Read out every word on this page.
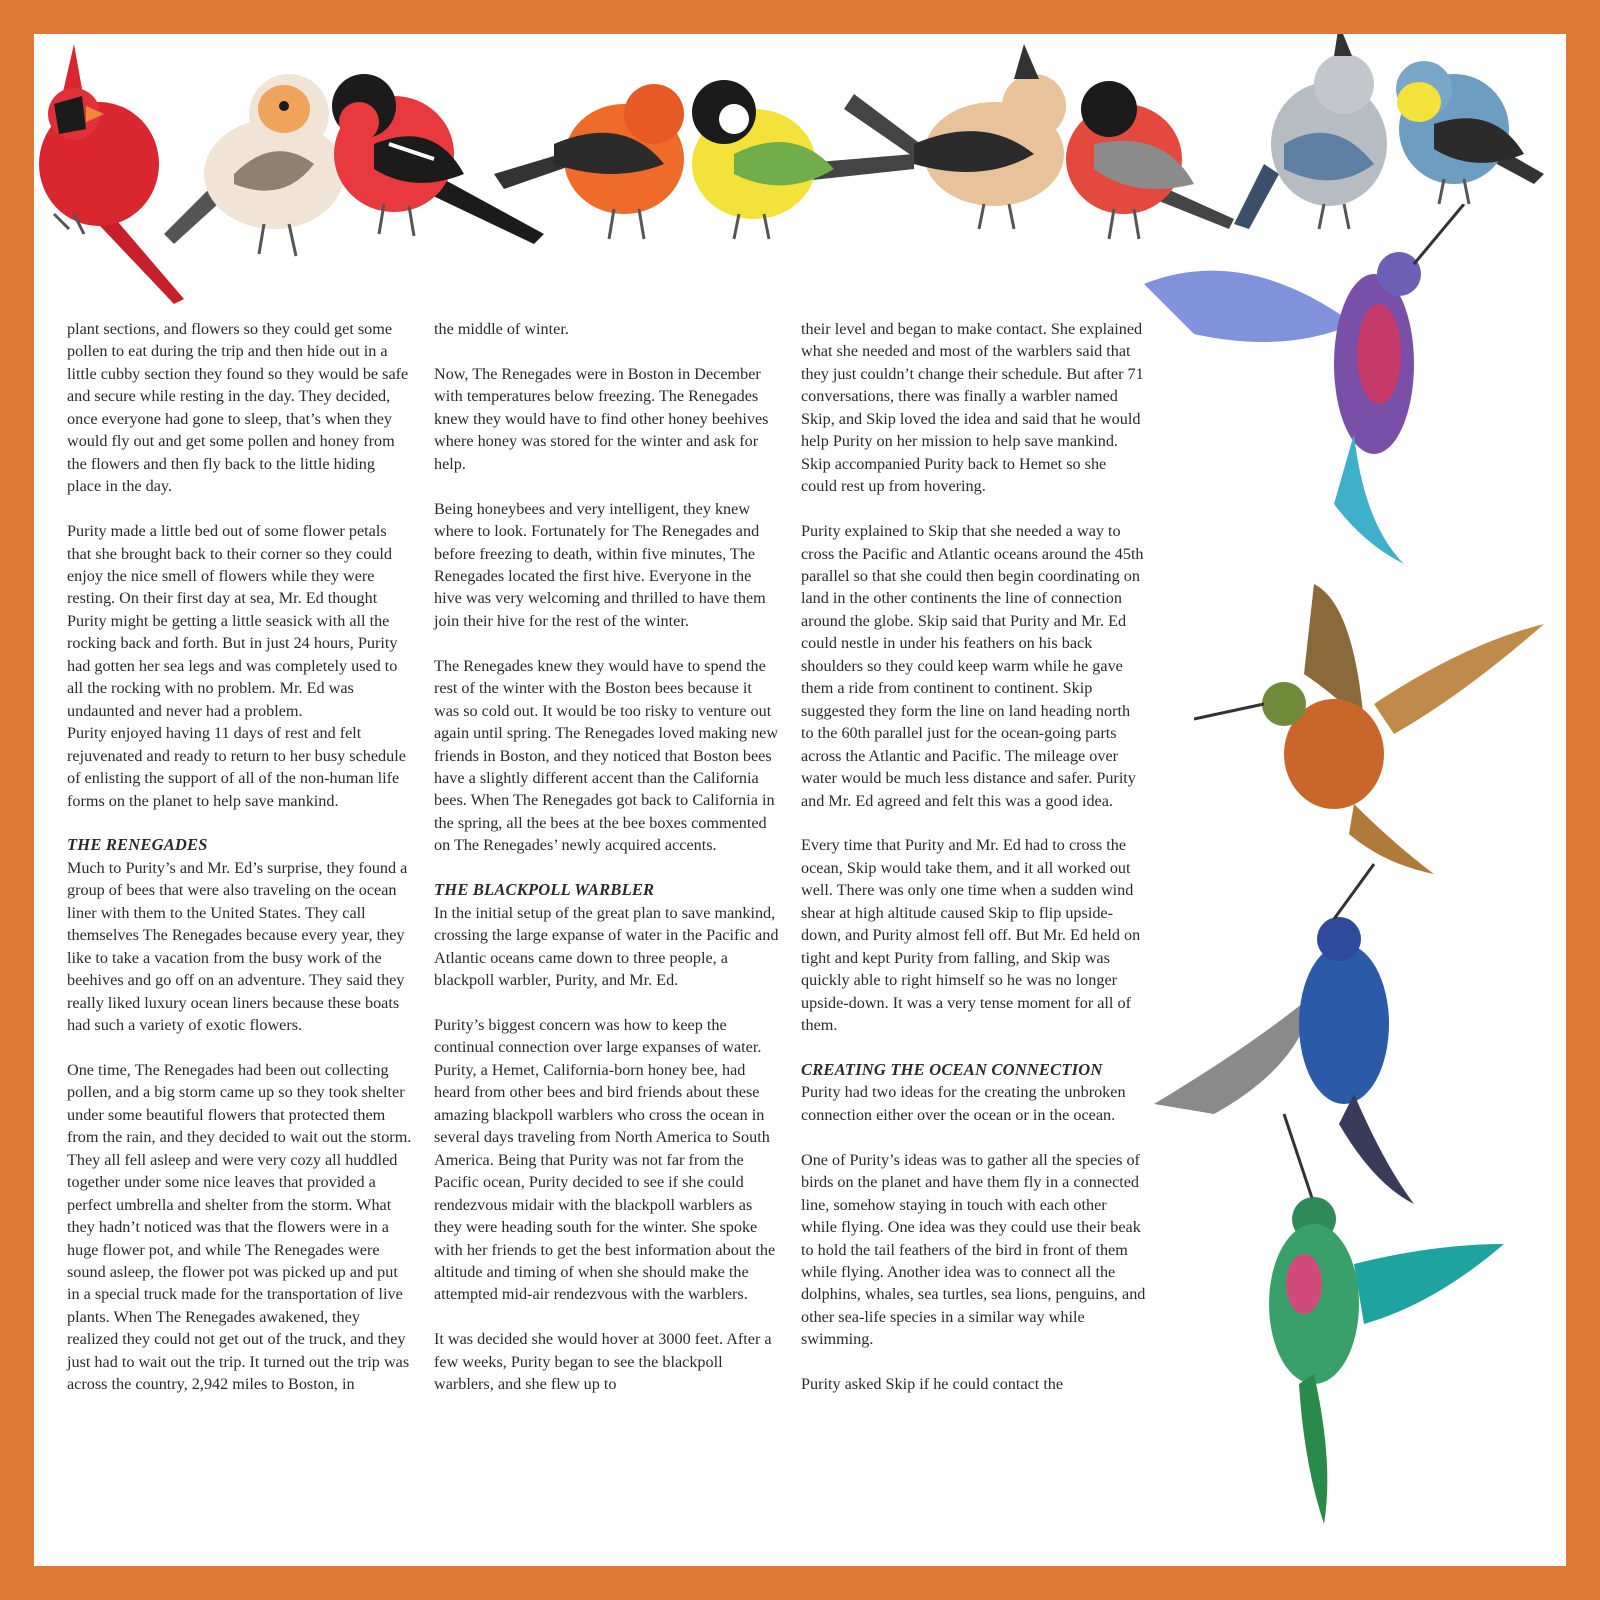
plant sections, and flowers so they could get some pollen to eat during the trip and then hide out in a little cubby section they found so they would be safe and secure while resting in the day. They decided, once everyone had gone to sleep, that’s when they would fly out and get some pollen and honey from the flowers and then fly back to the little hiding place in the day.

Purity made a little bed out of some flower petals that she brought back to their corner so they could enjoy the nice smell of flowers while they were resting. On their first day at sea, Mr. Ed thought Purity might be getting a little seasick with all the rocking back and forth. But in just 24 hours, Purity had gotten her sea legs and was completely used to all the rocking with no problem. Mr. Ed was undaunted and never had a problem.

Purity enjoyed having 11 days of rest and felt rejuvenated and ready to return to her busy schedule of enlisting the support of all of the non-human life forms on the planet to help save mankind.

THE RENEGADES

Much to Purity’s and Mr. Ed’s surprise, they found a group of bees that were also traveling on the ocean liner with them to the United States. They call themselves The Renegades because every year, they like to take a vacation from the busy work of the beehives and go off on an adventure. They said they really liked luxury ocean liners because these boats had such a variety of exotic flowers.

One time, The Renegades had been out collecting pollen, and a big storm came up so they took shelter under some beautiful flowers that protected them from the rain, and they decided to wait out the storm. They all fell asleep and were very cozy all huddled together under some nice leaves that provided a perfect umbrella and shelter from the storm. What they hadn’t noticed was that the flowers were in a huge flower pot, and while The Renegades were sound asleep, the flower pot was picked up and put in a special truck made for the transportation of live plants. When The Renegades awakened, they realized they could not get out of the truck, and they just had to wait out the trip. It turned out the trip was across the country, 2,942 miles to Boston, in

the middle of winter.

Now, The Renegades were in Boston in December with temperatures below freezing. The Renegades knew they would have to find other honey beehives where honey was stored for the winter and ask for help.

Being honeybees and very intelligent, they knew where to look. Fortunately for The Renegades and before freezing to death, within five minutes, The Renegades located the first hive. Everyone in the hive was very welcoming and thrilled to have them join their hive for the rest of the winter.

The Renegades knew they would have to spend the rest of the winter with the Boston bees because it was so cold out. It would be too risky to venture out again until spring. The Renegades loved making new friends in Boston, and they noticed that Boston bees have a slightly different accent than the California bees. When The Renegades got back to California in the spring, all the bees at the bee boxes commented on The Renegades’ newly acquired accents.

THE BLACKPOLL WARBLER

In the initial setup of the great plan to save mankind, crossing the large expanse of water in the Pacific and Atlantic oceans came down to three people, a blackpoll warbler, Purity, and Mr. Ed.

Purity’s biggest concern was how to keep the continual connection over large expanses of water. Purity, a Hemet, California-born honey bee, had heard from other bees and bird friends about these amazing blackpoll warblers who cross the ocean in several days traveling from North America to South America. Being that Purity was not far from the Pacific ocean, Purity decided to see if she could rendezvous midair with the blackpoll warblers as they were heading south for the winter. She spoke with her friends to get the best information about the altitude and timing of when she should make the attempted mid-air rendezvous with the warblers.

It was decided she would hover at 3000 feet. After a few weeks, Purity began to see the blackpoll warblers, and she flew up to

their level and began to make contact. She explained what she needed and most of the warblers said that they just couldn’t change their schedule. But after 71 conversations, there was finally a warbler named Skip, and Skip loved the idea and said that he would help Purity on her mission to help save mankind. Skip accompanied Purity back to Hemet so she could rest up from hovering.

Purity explained to Skip that she needed a way to cross the Pacific and Atlantic oceans around the 45th parallel so that she could then begin coordinating on land in the other continents the line of connection around the globe. Skip said that Purity and Mr. Ed could nestle in under his feathers on his back shoulders so they could keep warm while he gave them a ride from continent to continent. Skip suggested they form the line on land heading north to the 60th parallel just for the ocean-going parts across the Atlantic and Pacific. The mileage over water would be much less distance and safer. Purity and Mr. Ed agreed and felt this was a good idea.

Every time that Purity and Mr. Ed had to cross the ocean, Skip would take them, and it all worked out well. There was only one time when a sudden wind shear at high altitude caused Skip to flip upside-down, and Purity almost fell off. But Mr. Ed held on tight and kept Purity from falling, and Skip was quickly able to right himself so he was no longer upside-down. It was a very tense moment for all of them.

CREATING THE OCEAN CONNECTION

Purity had two ideas for the creating the unbroken connection either over the ocean or in the ocean.

One of Purity’s ideas was to gather all the species of birds on the planet and have them fly in a connected line, somehow staying in touch with each other while flying. One idea was they could use their beak to hold the tail feathers of the bird in front of them while flying. Another idea was to connect all the dolphins, whales, sea turtles, sea lions, penguins, and other sea-life species in a similar way while swimming.

Purity asked Skip if he could contact the
